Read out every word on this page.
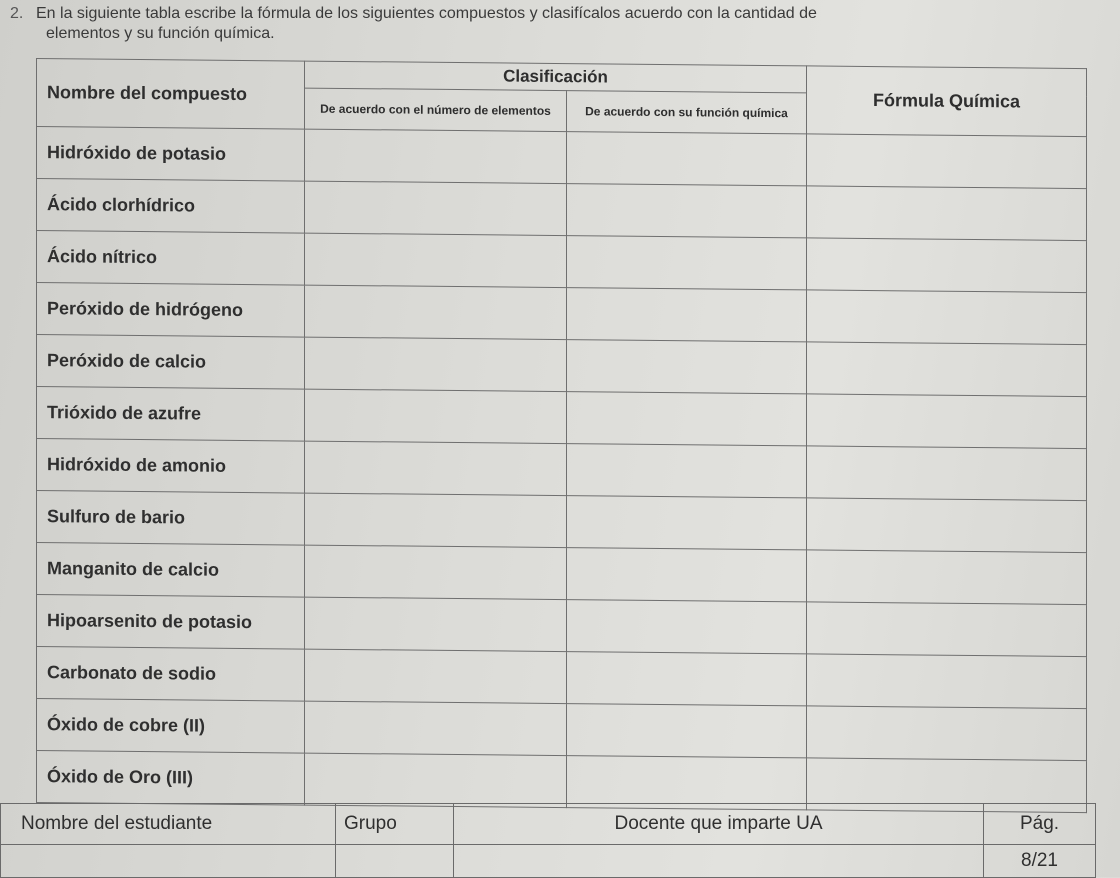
2. En la siguiente tabla escribe la fórmula de los siguientes compuestos y clasifícalos acuerdo con la cantidad de
elementos y su función química.
Nombre del compuesto	Clasificación		Fórmula Química
	De acuerdo con el número de elementos	De acuerdo con su función química	
Hidróxido de potasio			
Ácido clorhídrico			
Ácido nítrico			
Peróxido de hidrógeno			
Peróxido de calcio			
Trióxido de azufre			
Hidróxido de amonio			
Sulfuro de bario			
Manganito de calcio			
Hipoarsenito de potasio			
Carbonato de sodio			
Óxido de cobre (II)			
Óxido de Oro (III)			
Nombre del estudiante	Grupo	Docente que imparte UA	Pág.
			8/21
